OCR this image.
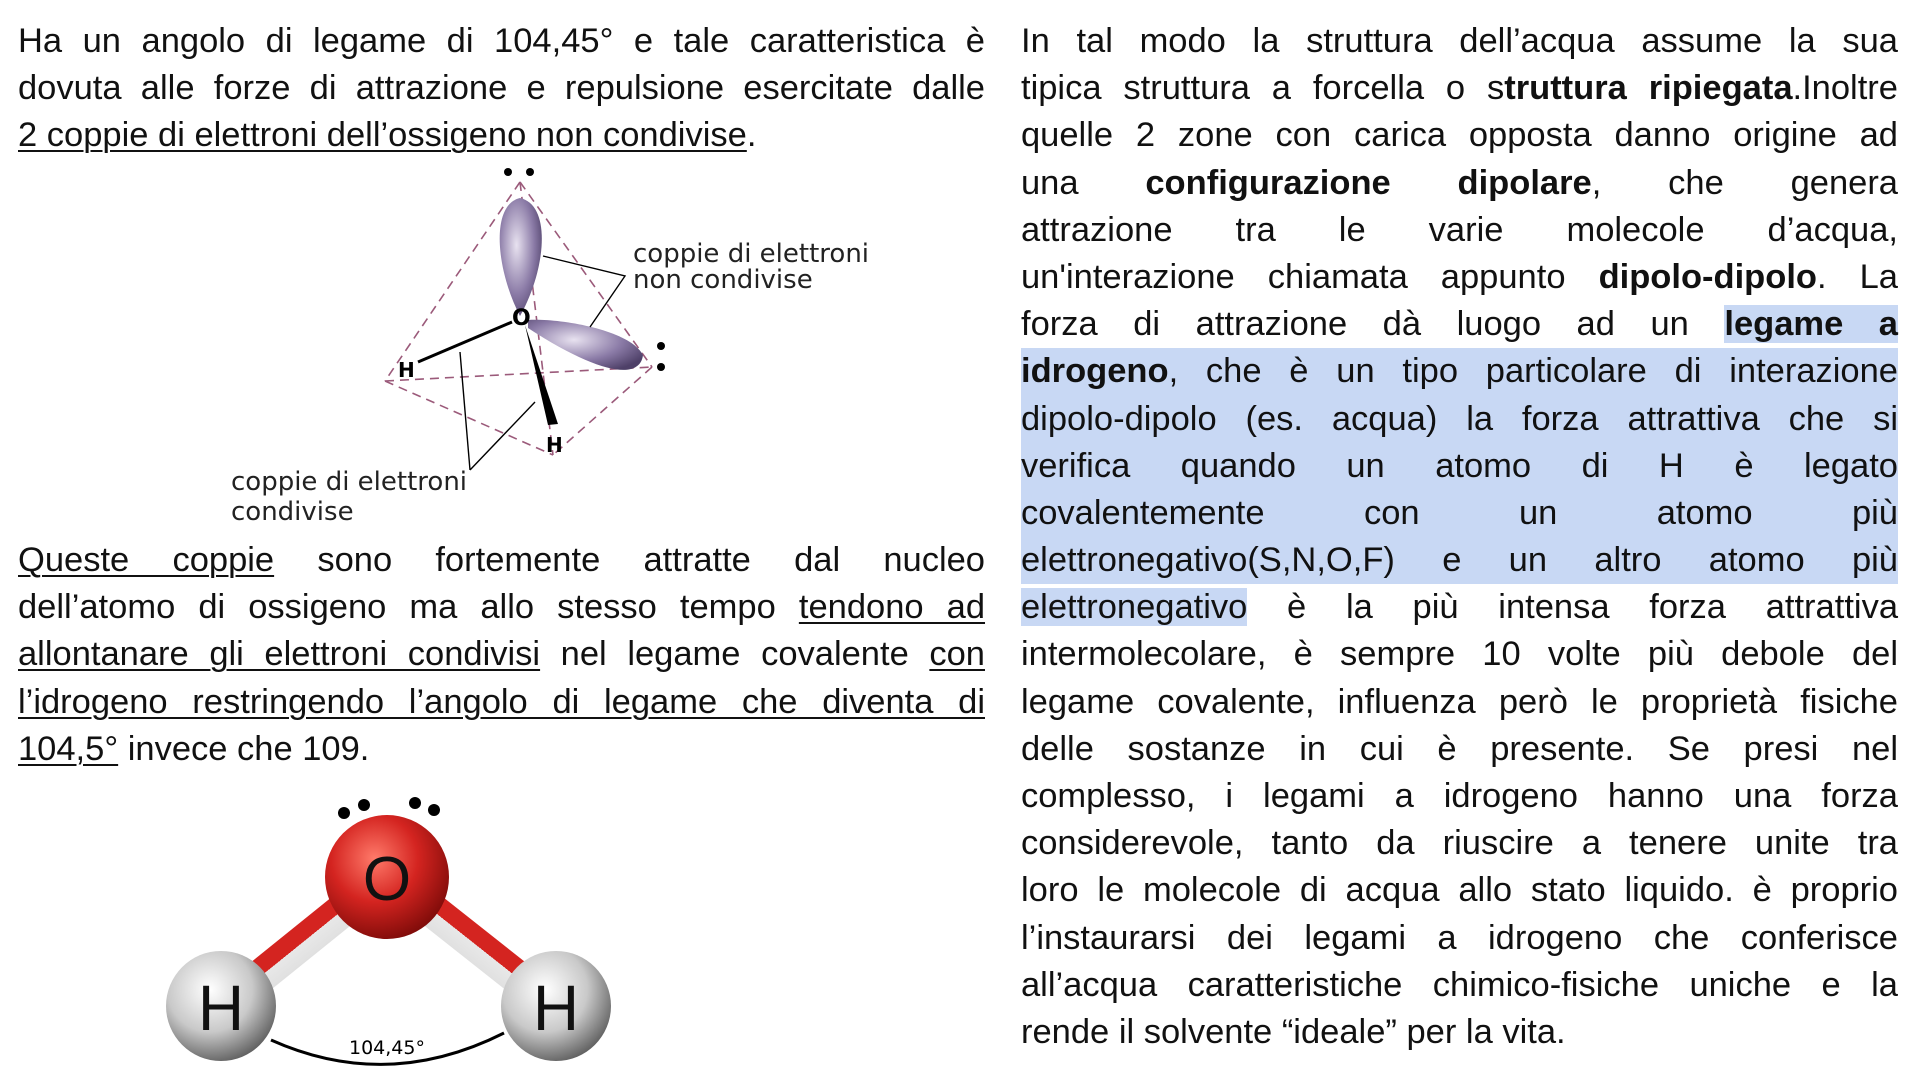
Ha un angolo di legame di 104,45° e tale caratteristica è
dovuta alle forze di attrazione e repulsione esercitate dalle
2 coppie di elettroni dell’ossigeno non condivise.
Queste coppie sono fortemente attratte dal nucleo
dell’atomo di ossigeno ma allo stesso tempo tendono ad
allontanare gli elettroni condivisi nel legame covalente con
l’idrogeno restringendo l’angolo di legame che diventa di
104,5° invece che 109.
In tal modo la struttura dell’acqua assume la sua
tipica struttura a forcella o struttura ripiegata.Inoltre
quelle 2 zone con carica opposta danno origine ad
una configurazione dipolare, che genera
attrazione tra le varie molecole d’acqua,
un'interazione chiamata appunto dipolo-dipolo. La
forza di attrazione dà luogo ad un legame a
idrogeno, che è un tipo particolare di interazione
dipolo-dipolo (es. acqua) la forza attrattiva che si
verifica quando un atomo di H è legato
covalentemente con un atomo più
elettronegativo(S,N,O,F) e un altro atomo più
elettronegativo è la più intensa forza attrattiva
intermolecolare, è sempre 10 volte più debole del
legame covalente, influenza però le proprietà fisiche
delle sostanze in cui è presente. Se presi nel
complesso, i legami a idrogeno hanno una forza
considerevole, tanto da riuscire a tenere unite tra
loro le molecole di acqua allo stato liquido. è proprio
l’instaurarsi dei legami a idrogeno che conferisce
all’acqua caratteristiche chimico-fisiche uniche e la
rende il solvente “ideale” per la vita.
O
H
H
coppie di elettroni
non condivise
coppie di elettroni
condivise
O
H	H
104,45°
